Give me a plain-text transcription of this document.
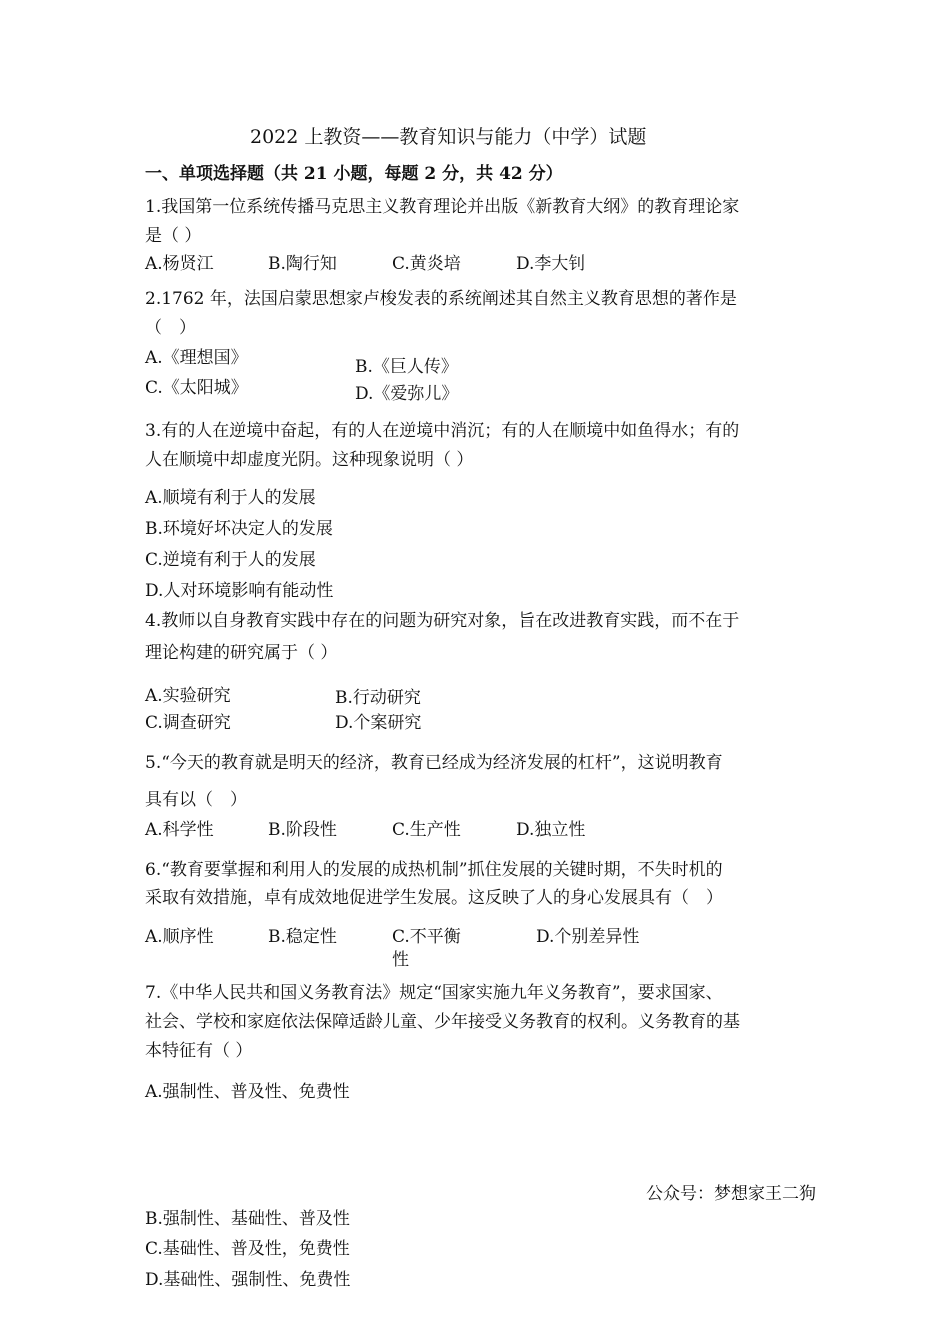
2022 上教资——教育知识与能力（中学）试题
一、单项选择题（共 21 小题，每题 2 分，共 42 分）
1.我国第一位系统传播马克思主义教育理论并出版《新教育大纲》的教育理论家
是（ ）
A.杨贤江	B.陶行知	C.黄炎培	D.李大钊
2.1762 年，法国启蒙思想家卢梭发表的系统阐述其自然主义教育思想的著作是
（　）
A.《理想国》	B.《巨人传》
C.《太阳城》	D.《爱弥儿》
3.有的人在逆境中奋起，有的人在逆境中消沉；有的人在顺境中如鱼得水；有的
人在顺境中却虚度光阴。这种现象说明（ ）
A.顺境有利于人的发展
B.环境好坏决定人的发展
C.逆境有利于人的发展
D.人对环境影响有能动性
4.教师以自身教育实践中存在的问题为研究对象，旨在改进教育实践，而不在于
理论构建的研究属于（ ）
A.实验研究	B.行动研究
C.调查研究	D.个案研究
5.“今天的教育就是明天的经济，教育已经成为经济发展的杠杆”，这说明教育
具有以（　）
A.科学性	B.阶段性	C.生产性	D.独立性
6.“教育要掌握和利用人的发展的成热机制”抓住发展的关键时期，不失时机的
采取有效措施，卓有成效地促进学生发展。这反映了人的身心发展具有（　）
A.顺序性	B.稳定性	C.不平衡
性
D.个别差异性
7.《中华人民共和国义务教育法》规定“国家实施九年义务教育”，要求国家、
社会、学校和家庭依法保障适龄儿童、少年接受义务教育的权利。义务教育的基
本特征有（ ）
A.强制性、普及性、免费性
公众号：梦想家王二狗
B.强制性、基础性、普及性
C.基础性、普及性，免费性
D.基础性、强制性、免费性
